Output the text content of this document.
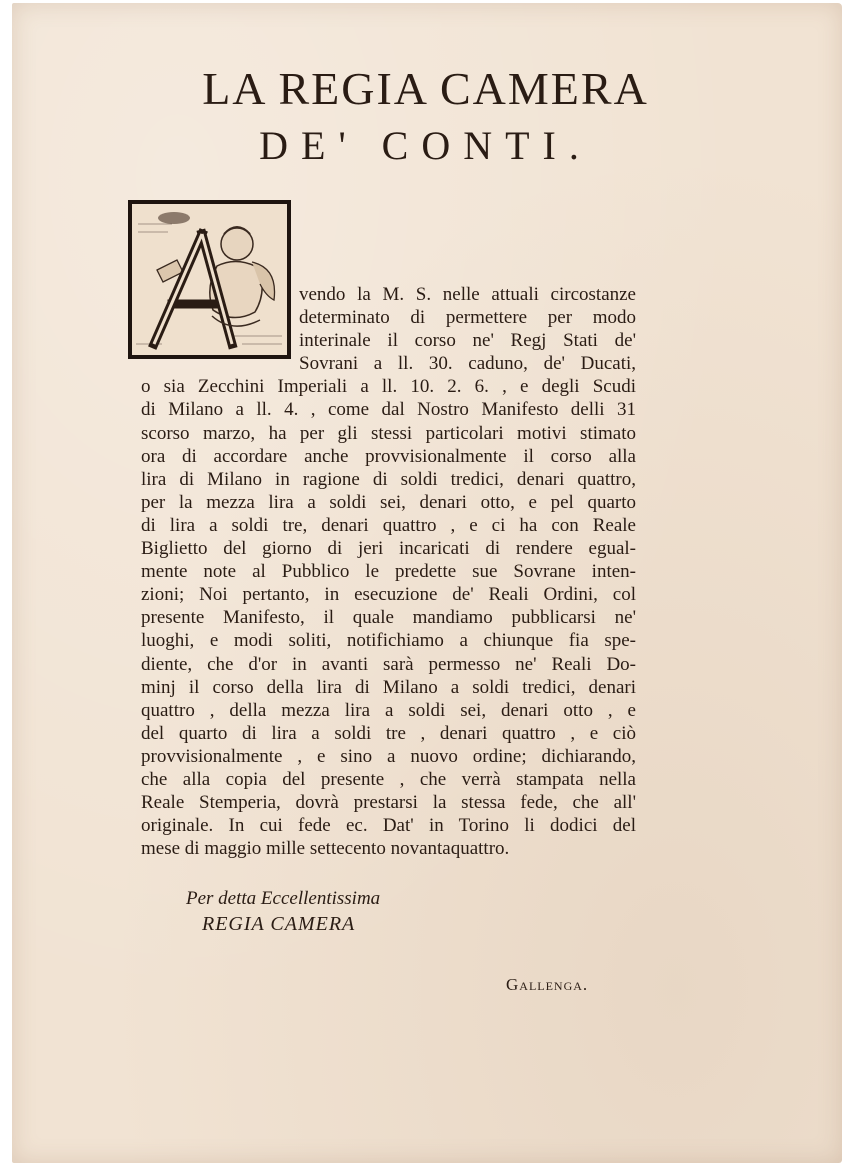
LA REGIA CAMERA
DE' CONTI.
vendo la M. S. nelle attuali circostanze
determinato di permettere per modo
interinale il corso ne' Regj Stati de'
Sovrani a ll. 30. caduno, de' Ducati,
o sia Zecchini Imperiali a ll. 10. 2. 6. , e degli Scudi
di Milano a ll. 4. , come dal Nostro Manifesto delli 31
scorso marzo, ha per gli stessi particolari motivi stimato
ora di accordare anche provvisionalmente il corso alla
lira di Milano in ragione di soldi tredici, denari quattro,
per la mezza lira a soldi sei, denari otto, e pel quarto
di lira a soldi tre, denari quattro , e ci ha con Reale
Biglietto del giorno di jeri incaricati di rendere egual-
mente note al Pubblico le predette sue Sovrane inten-
zioni; Noi pertanto, in esecuzione de' Reali Ordini, col
presente Manifesto, il quale mandiamo pubblicarsi ne'
luoghi, e modi soliti, notifichiamo a chiunque fia spe-
diente, che d'or in avanti sarà permesso ne' Reali Do-
minj il corso della lira di Milano a soldi tredici, denari
quattro , della mezza lira a soldi sei, denari otto , e
del quarto di lira a soldi tre , denari quattro , e ciò
provvisionalmente , e sino a nuovo ordine; dichiarando,
che alla copia del presente , che verrà stampata nella
Reale Stemperia, dovrà prestarsi la stessa fede, che all'
originale. In cui fede ec. Dat' in Torino li dodici del
mese di maggio mille settecento novantaquattro.
Per detta Eccellentissima
REGIA CAMERA
Gallenga.
